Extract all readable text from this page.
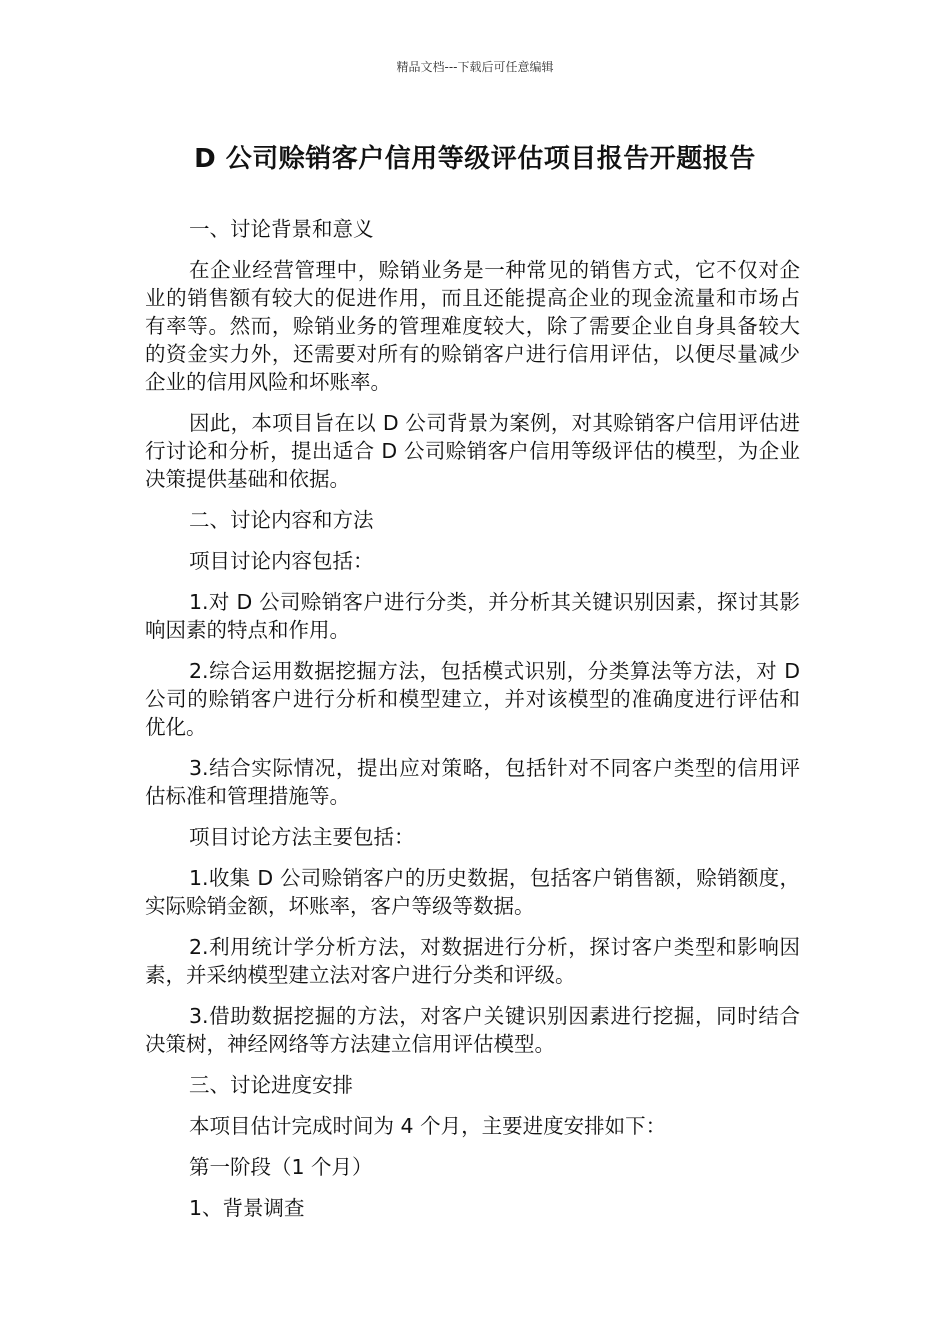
精品文档---下载后可任意编辑
D 公司赊销客户信用等级评估项目报告开题报告

一、讨论背景和意义

在企业经营管理中，赊销业务是一种常见的销售方式，它不仅对企业的销售额有较大的促进作用，而且还能提高企业的现金流量和市场占有率等。然而，赊销业务的管理难度较大，除了需要企业自身具备较大的资金实力外，还需要对所有的赊销客户进行信用评估，以便尽量减少企业的信用风险和坏账率。

因此，本项目旨在以 D 公司背景为案例，对其赊销客户信用评估进行讨论和分析，提出适合 D 公司赊销客户信用等级评估的模型，为企业决策提供基础和依据。

二、讨论内容和方法

项目讨论内容包括：

1.对 D 公司赊销客户进行分类，并分析其关键识别因素，探讨其影响因素的特点和作用。

2.综合运用数据挖掘方法，包括模式识别，分类算法等方法，对 D 公司的赊销客户进行分析和模型建立，并对该模型的准确度进行评估和优化。

3.结合实际情况，提出应对策略，包括针对不同客户类型的信用评估标准和管理措施等。

项目讨论方法主要包括：

1.收集 D 公司赊销客户的历史数据，包括客户销售额，赊销额度，实际赊销金额，坏账率，客户等级等数据。

2.利用统计学分析方法，对数据进行分析，探讨客户类型和影响因素，并采纳模型建立法对客户进行分类和评级。

3.借助数据挖掘的方法，对客户关键识别因素进行挖掘，同时结合决策树，神经网络等方法建立信用评估模型。

三、讨论进度安排

本项目估计完成时间为 4 个月，主要进度安排如下：

第一阶段（1 个月）

1、背景调查
